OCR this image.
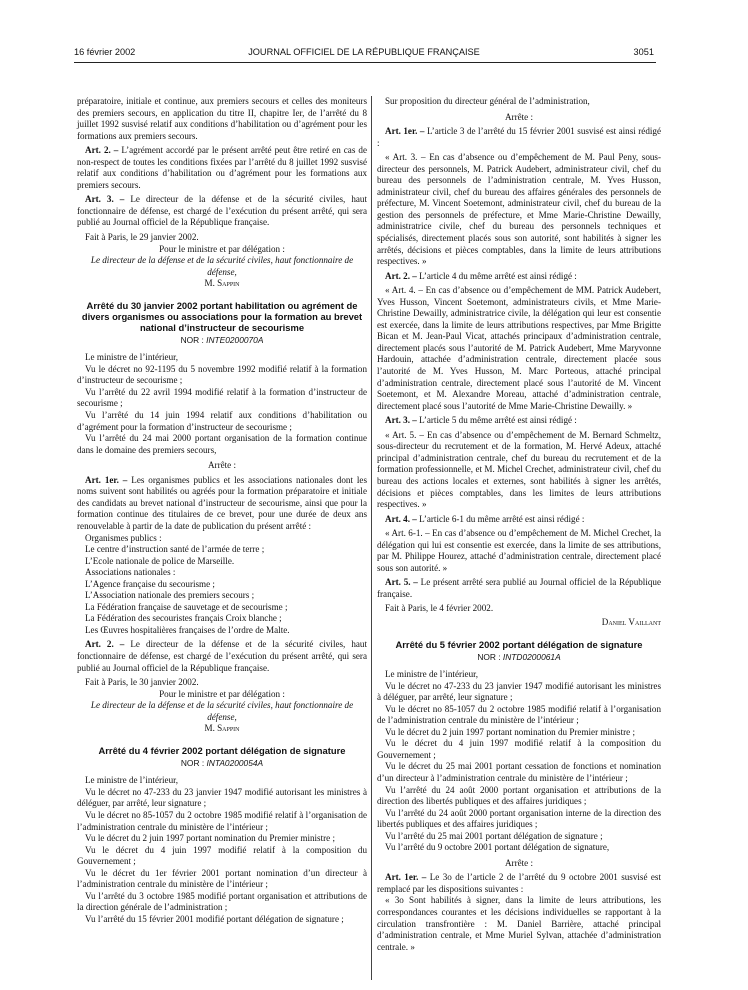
16 février 2002	JOURNAL OFFICIEL DE LA RÉPUBLIQUE FRANÇAISE	3051

préparatoire, initiale et continue, aux premiers secours et celles des moniteurs des premiers secours, en application du titre II, chapitre Ier, de l’arrêté du 8 juillet 1992 susvisé relatif aux conditions d’habilitation ou d’agrément pour les formations aux premiers secours.

Art. 2. – L’agrément accordé par le présent arrêté peut être retiré en cas de non-respect de toutes les conditions fixées par l’arrêté du 8 juillet 1992 susvisé relatif aux conditions d’habilitation ou d’agrément pour les formations aux premiers secours.

Art. 3. – Le directeur de la défense et de la sécurité civiles, haut fonctionnaire de défense, est chargé de l’exécution du présent arrêté, qui sera publié au Journal officiel de la République française.

Fait à Paris, le 29 janvier 2002.

Pour le ministre et par délégation :

Le directeur de la défense et de la sécurité civiles, haut fonctionnaire de défense,

M. Sappin

Arrêté du 30 janvier 2002 portant habilitation ou agrément de divers organismes ou associations pour la formation au brevet national d’instructeur de secourisme
NOR : INTE0200070A

Le ministre de l’intérieur,

Vu le décret no 92-1195 du 5 novembre 1992 modifié relatif à la formation d’instructeur de secourisme ;

Vu l’arrêté du 22 avril 1994 modifié relatif à la formation d’instructeur de secourisme ;

Vu l’arrêté du 14 juin 1994 relatif aux conditions d’habilitation ou d’agrément pour la formation d’instructeur de secourisme ;

Vu l’arrêté du 24 mai 2000 portant organisation de la formation continue dans le domaine des premiers secours,

Arrête :

Art. 1er. – Les organismes publics et les associations nationales dont les noms suivent sont habilités ou agréés pour la formation préparatoire et initiale des candidats au brevet national d’instructeur de secourisme, ainsi que pour la formation continue des titulaires de ce brevet, pour une durée de deux ans renouvelable à partir de la date de publication du présent arrêté :

Organismes publics :

Le centre d’instruction santé de l’armée de terre ;

L’Ecole nationale de police de Marseille.

Associations nationales :

L’Agence française du secourisme ;

L’Association nationale des premiers secours ;

La Fédération française de sauvetage et de secourisme ;

La Fédération des secouristes français Croix blanche ;

Les Œuvres hospitalières françaises de l’ordre de Malte.

Art. 2. – Le directeur de la défense et de la sécurité civiles, haut fonctionnaire de défense, est chargé de l’exécution du présent arrêté, qui sera publié au Journal officiel de la République française.

Fait à Paris, le 30 janvier 2002.

Pour le ministre et par délégation :

Le directeur de la défense et de la sécurité civiles, haut fonctionnaire de défense,

M. Sappin

Arrêté du 4 février 2002 portant délégation de signature
NOR : INTA0200054A

Le ministre de l’intérieur,

Vu le décret no 47-233 du 23 janvier 1947 modifié autorisant les ministres à déléguer, par arrêté, leur signature ;

Vu le décret no 85-1057 du 2 octobre 1985 modifié relatif à l’organisation de l’administration centrale du ministère de l’intérieur ;

Vu le décret du 2 juin 1997 portant nomination du Premier ministre ;

Vu le décret du 4 juin 1997 modifié relatif à la composition du Gouvernement ;

Vu le décret du 1er février 2001 portant nomination d’un directeur à l’administration centrale du ministère de l’intérieur ;

Vu l’arrêté du 3 octobre 1985 modifié portant organisation et attributions de la direction générale de l’administration ;

Vu l’arrêté du 15 février 2001 modifié portant délégation de signature ;

Sur proposition du directeur général de l’administration,

Arrête :

Art. 1er. – L’article 3 de l’arrêté du 15 février 2001 susvisé est ainsi rédigé :

« Art. 3. – En cas d’absence ou d’empêchement de M. Paul Peny, sous-directeur des personnels, M. Patrick Audebert, administrateur civil, chef du bureau des personnels de l’administration centrale, M. Yves Husson, administrateur civil, chef du bureau des affaires générales des personnels de préfecture, M. Vincent Soetemont, administrateur civil, chef du bureau de la gestion des personnels de préfecture, et Mme Marie-Christine Dewailly, administratrice civile, chef du bureau des personnels techniques et spécialisés, directement placés sous son autorité, sont habilités à signer les arrêtés, décisions et pièces comptables, dans la limite de leurs attributions respectives. »

Art. 2. – L’article 4 du même arrêté est ainsi rédigé :

« Art. 4. – En cas d’absence ou d’empêchement de MM. Patrick Audebert, Yves Husson, Vincent Soetemont, administrateurs civils, et Mme Marie-Christine Dewailly, administratrice civile, la délégation qui leur est consentie est exercée, dans la limite de leurs attributions respectives, par Mme Brigitte Bican et M. Jean-Paul Vicat, attachés principaux d’administration centrale, directement placés sous l’autorité de M. Patrick Audebert, Mme Maryvonne Hardouin, attachée d’administration centrale, directement placée sous l’autorité de M. Yves Husson, M. Marc Porteous, attaché principal d’administration centrale, directement placé sous l’autorité de M. Vincent Soetemont, et M. Alexandre Moreau, attaché d’administration centrale, directement placé sous l’autorité de Mme Marie-Christine Dewailly. »

Art. 3. – L’article 5 du même arrêté est ainsi rédigé :

« Art. 5. – En cas d’absence ou d’empêchement de M. Bernard Schmeltz, sous-directeur du recrutement et de la formation, M. Hervé Adeux, attaché principal d’administration centrale, chef du bureau du recrutement et de la formation professionnelle, et M. Michel Crechet, administrateur civil, chef du bureau des actions locales et externes, sont habilités à signer les arrêtés, décisions et pièces comptables, dans les limites de leurs attributions respectives. »

Art. 4. – L’article 6-1 du même arrêté est ainsi rédigé :

« Art. 6-1. – En cas d’absence ou d’empêchement de M. Michel Crechet, la délégation qui lui est consentie est exercée, dans la limite de ses attributions, par M. Philippe Hourez, attaché d’administration centrale, directement placé sous son autorité. »

Art. 5. – Le présent arrêté sera publié au Journal officiel de la République française.

Fait à Paris, le 4 février 2002.

Daniel Vaillant

Arrêté du 5 février 2002 portant délégation de signature
NOR : INTD0200061A

Le ministre de l’intérieur,

Vu le décret no 47-233 du 23 janvier 1947 modifié autorisant les ministres à déléguer, par arrêté, leur signature ;

Vu le décret no 85-1057 du 2 octobre 1985 modifié relatif à l’organisation de l’administration centrale du ministère de l’intérieur ;

Vu le décret du 2 juin 1997 portant nomination du Premier ministre ;

Vu le décret du 4 juin 1997 modifié relatif à la composition du Gouvernement ;

Vu le décret du 25 mai 2001 portant cessation de fonctions et nomination d’un directeur à l’administration centrale du ministère de l’intérieur ;

Vu l’arrêté du 24 août 2000 portant organisation et attributions de la direction des libertés publiques et des affaires juridiques ;

Vu l’arrêté du 24 août 2000 portant organisation interne de la direction des libertés publiques et des affaires juridiques ;

Vu l’arrêté du 25 mai 2001 portant délégation de signature ;

Vu l’arrêté du 9 octobre 2001 portant délégation de signature,

Arrête :

Art. 1er. – Le 3o de l’article 2 de l’arrêté du 9 octobre 2001 susvisé est remplacé par les dispositions suivantes :

« 3o Sont habilités à signer, dans la limite de leurs attributions, les correspondances courantes et les décisions individuelles se rapportant à la circulation transfrontière : M. Daniel Barrière, attaché principal d’administration centrale, et Mme Muriel Sylvan, attachée d’administration centrale. »
